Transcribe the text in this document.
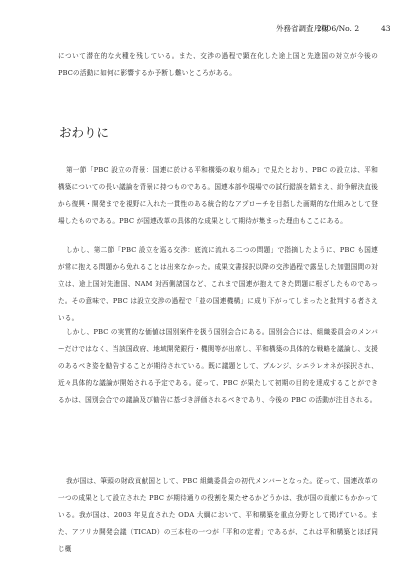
外務省調査月報
2006/No. 2	43

について潜在的な火種を残している。また、交渉の過程で顕在化した途上国と先進国の対立が今後のPBCの活動に如何に影響するか予断し難いところがある。

おわりに

第一節「PBC 設立の背景：国連に於ける平和構築の取り組み」で見たとおり、PBC の設立は、平和構築についての長い議論を背景に持つものである。国連本部や現場での試行錯誤を踏まえ、紛争解決直後から復興・開発までを視野に入れた一貫性のある統合的なアプローチを目指した画期的な仕組みとして登場したものである。PBC が国連改革の具体的な成果として期待が集まった理由もここにある。

しかし、第二節「PBC 設立を巡る交渉：底流に流れる二つの問題」で指摘したように、PBC も国連が常に抱える問題から免れることは出来なかった。成果文書採択以降の交渉過程で露呈した加盟国間の対立は、途上国対先進国、NAM 対西側諸国など、これまで国連が抱えてきた問題に根ざしたものであった。その意味で、PBC は設立交渉の過程で「並の国連機構」に成り下がってしまったと批判する者さえいる。

しかし、PBC の実質的な価値は国別案件を扱う国別会合にある。国別会合には、組織委員会のメンバーだけではなく、当該国政府、地域開発銀行・機関等が出席し、平和構築の具体的な戦略を議論し、支援のあるべき姿を勧告することが期待されている。既に議題として、ブルンジ、シエラレオネが採択され、近々具体的な議論が開始される予定である。従って、PBC が果たして初期の目的を達成することができるかは、国別会合での議論及び勧告に基づき評価されるべきであり、今後の PBC の活動が注目される。

我が国は、筆頭の財政貢献国として、PBC 組織委員会の初代メンバーとなった。従って、国連改革の一つの成果として設立された PBC が期待通りの役割を果たせるかどうかは、我が国の貢献にもかかっている。我が国は、2003 年見直された ODA 大綱において、平和構築を重点分野として掲げている。また、アフリカ開発会議（TICAD）の三本柱の一つが「平和の定着」であるが、これは平和構築とほぼ同じ概
